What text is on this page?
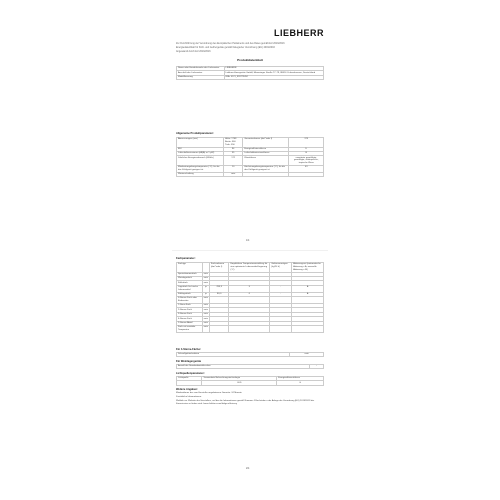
LIEBHERR
Zur Durchführung der Verordnung des Europäischen Parlaments und des Rates gemäß EU 2019/2016
Energiedatenblatt für Kühl- und Gefriergeräte gemäß Delegierter Verordnung (EU) 2019/2016
Angewandt durch EU 2019/2016
Produktdatenblatt
Name oder Handelsmarke des Lieferanten	LIEBHERR
Anschrift des Lieferanten	Liebherr-Hausgeräte GmbH, Memminger Straße 77–79, 88416 Ochsenhausen, Deutschland
Modellkennung	IRBc 5121_993779452
Allgemeine Produktparameter:
Abmessungen (mm)	Höhe: 1768 Breite: 560 Tiefe: 550	Gesamtvolumen (dm³ oder l)	375
EEI	94	Energieeffizienzklasse	D
Luftschallemissionen (dB(A) re 1 pW)	35	Luftschallemissionsklasse	B
Jährlicher Energieverbrauch (kWh/a)	172	Klimaklasse	erweiterte gemäßigte, gemäßigte, subtropische, tropische Klima
Mindestumgebungstemperatur (°C), für die das Kühlgerät geeignet ist	10	Höchstumgebungstemperatur (°C), für die das Kühlgerät geeignet ist	43
Winterschaltung	nein		
1/4
Fachparameter:
Fachtyp		Fachvolumen (dm³ oder l)	Empfohlene Temperatureinstellung für eine optimierte Lebensmittel-lagerung (°C)	Gefriervermögen (kg/24 h)	Abtauungsart (automatische Abtauung = A, manuelle Abtauung = M)
Speisekammerfach	nein				
Weinlagerfach	nein				
Kellerfach	nein				
Lagerfach für frische Lebensmittel	ja	295,3	5	-	A
Kaltlagerfach	ja	80,0	0	-	A
0-Sterne-Fach oder Eisbereiter	nein				
1-Stern-Fach	nein				
2-Sterne-Fach	nein				
3-Sterne-Fach	nein				
4-Sterne-Fach	nein				
2-Sterne-Abteil	nein				
Fach mit variabler Temperatur	nein				
Für 4-Sterne-Fächer
Schnellgefrierfunktion	nein
Für Weinlagergeräte
Anzahl der Standardweinflaschen	-
Lichtquellenparameter:
Lichtquelle	Verwendete Beleuchtungstechnologie	Energieeffizienzklasse
	LED	G
Weitere Angaben:
Mindestdauer der vom Hersteller angebotenen Garantie: 24 Monate
Zusätzliche Informationen:
Weblink zur Website des Herstellers, auf der die Informationen gemäß Nummer 4 Buchstabe a der Anlage der Verordnung (EU) 2019/2019 der Kommission zu finden sind: home.liebherr.com/fridge-efficiency
2/4
